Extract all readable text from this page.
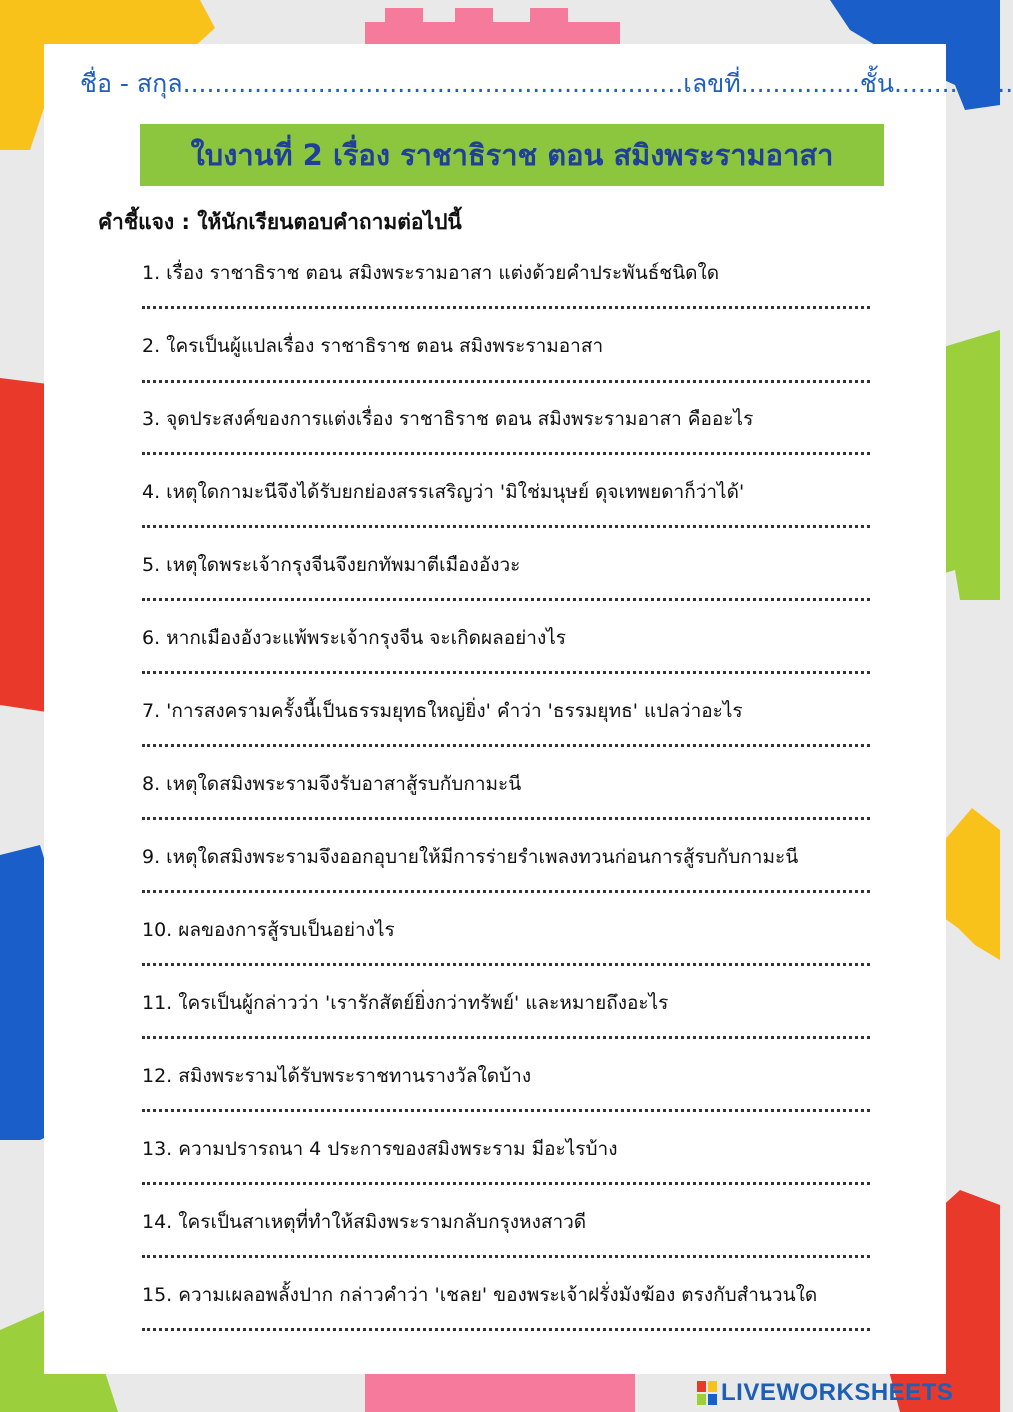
ชื่อ - สกุล...............................................................เลขที่...............ชั้น...............
ใบงานที่ 2 เรื่อง ราชาธิราช ตอน สมิงพระรามอาสา
คำชี้แจง : ให้นักเรียนตอบคำถามต่อไปนี้
1. เรื่อง ราชาธิราช ตอน สมิงพระรามอาสา แต่งด้วยคำประพันธ์ชนิดใด
2. ใครเป็นผู้แปลเรื่อง ราชาธิราช ตอน สมิงพระรามอาสา
3. จุดประสงค์ของการแต่งเรื่อง ราชาธิราช ตอน สมิงพระรามอาสา คืออะไร
4. เหตุใดกามะนีจึงได้รับยกย่องสรรเสริญว่า 'มิใช่มนุษย์ ดุจเทพยดาก็ว่าได้'
5. เหตุใดพระเจ้ากรุงจีนจึงยกทัพมาตีเมืองอังวะ
6. หากเมืองอังวะแพ้พระเจ้ากรุงจีน จะเกิดผลอย่างไร
7. 'การสงครามครั้งนี้เป็นธรรมยุทธใหญ่ยิ่ง' คำว่า 'ธรรมยุทธ' แปลว่าอะไร
8. เหตุใดสมิงพระรามจึงรับอาสาสู้รบกับกามะนี
9. เหตุใดสมิงพระรามจึงออกอุบายให้มีการร่ายรำเพลงทวนก่อนการสู้รบกับกามะนี
10. ผลของการสู้รบเป็นอย่างไร
11. ใครเป็นผู้กล่าวว่า 'เรารักสัตย์ยิ่งกว่าทรัพย์' และหมายถึงอะไร
12. สมิงพระรามได้รับพระราชทานรางวัลใดบ้าง
13. ความปรารถนา 4 ประการของสมิงพระราม มีอะไรบ้าง
14. ใครเป็นสาเหตุที่ทำให้สมิงพระรามกลับกรุงหงสาวดี
15. ความเผลอพลั้งปาก กล่าวคำว่า 'เชลย' ของพระเจ้าฝรั่งมังฆ้อง ตรงกับสำนวนใด
LIVEWORKSHEETS
